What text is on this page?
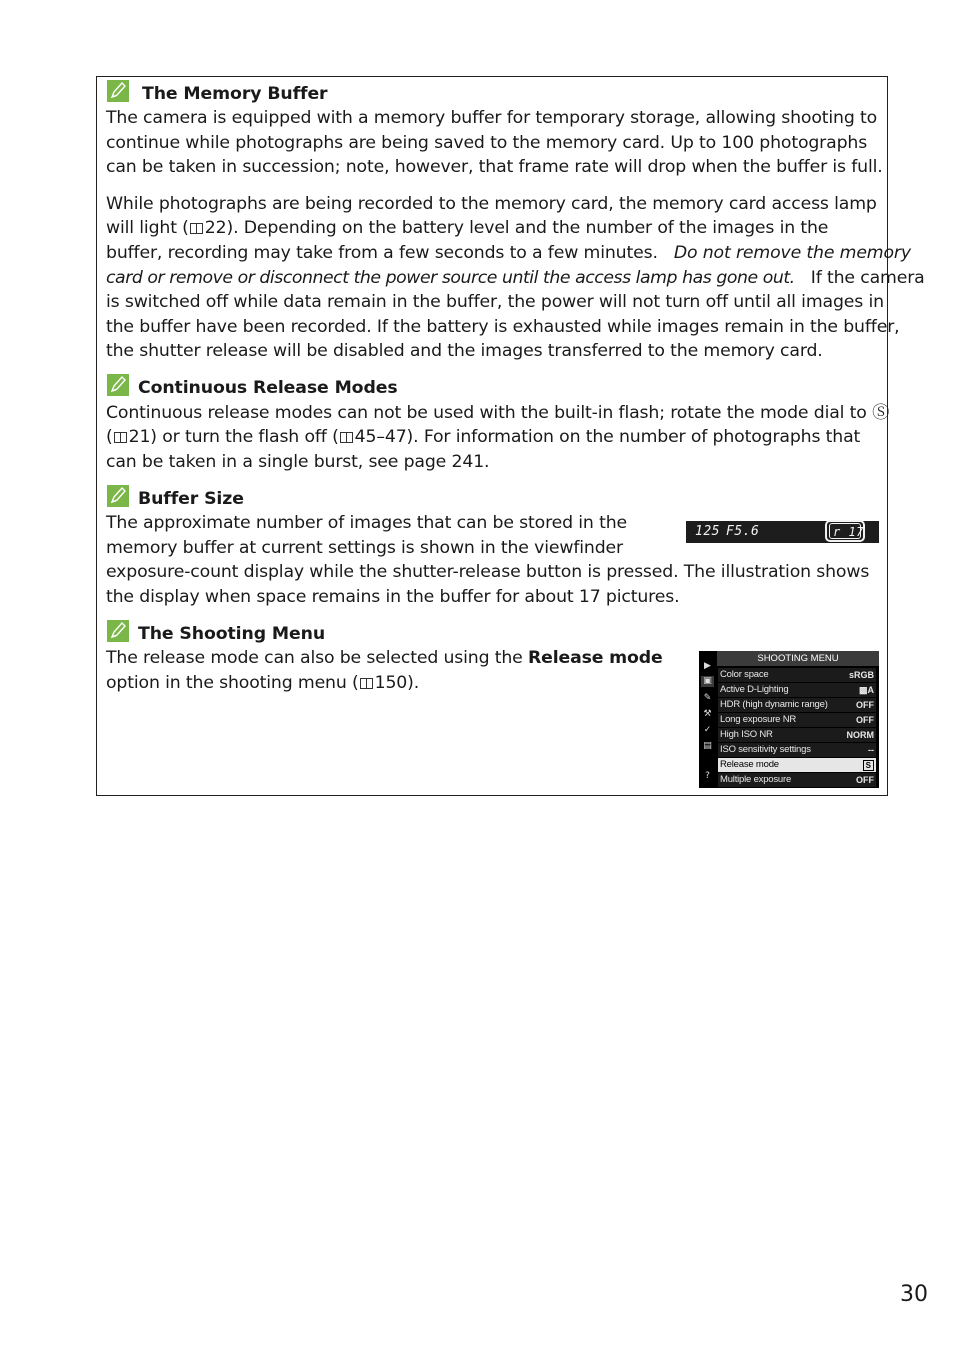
The Memory Buffer
The camera is equipped with a memory buffer for temporary storage, allowing shooting to
continue while photographs are being saved to the memory card. Up to 100 photographs
can be taken in succession; note, however, that frame rate will drop when the buffer is full.
While photographs are being recorded to the memory card, the memory card access lamp
will light ( 22). Depending on the battery level and the number of the images in the
buffer, recording may take from a few seconds to a few minutes. Do not remove the memory
card or remove or disconnect the power source until the access lamp has gone out. If the camera
is switched off while data remain in the buffer, the power will not turn off until all images in
the buffer have been recorded. If the battery is exhausted while images remain in the buffer,
the shutter release will be disabled and the images transferred to the memory card.
Continuous Release Modes
Continuous release modes can not be used with the built-in flash; rotate the mode dial to Ⓢ
( 21) or turn the flash off ( 45–47). For information on the number of photographs that
can be taken in a single burst, see page 241.
Buffer Size
The approximate number of images that can be stored in the
memory buffer at current settings is shown in the viewfinder
exposure-count display while the shutter-release button is pressed. The illustration shows
the display when space remains in the buffer for about 17 pictures.
125 F5.6	r 17
The Shooting Menu
The release mode can also be selected using the Release mode
option in the shooting menu ( 150).
▶
▣
✎
⚒
✓
▤
?
SHOOTING MENU
Color space	sRGB
Active D-Lighting	▩A
HDR (high dynamic range)	OFF
Long exposure NR	OFF
High ISO NR	NORM
ISO sensitivity settings	--
Release mode	S
Multiple exposure	OFF
30
